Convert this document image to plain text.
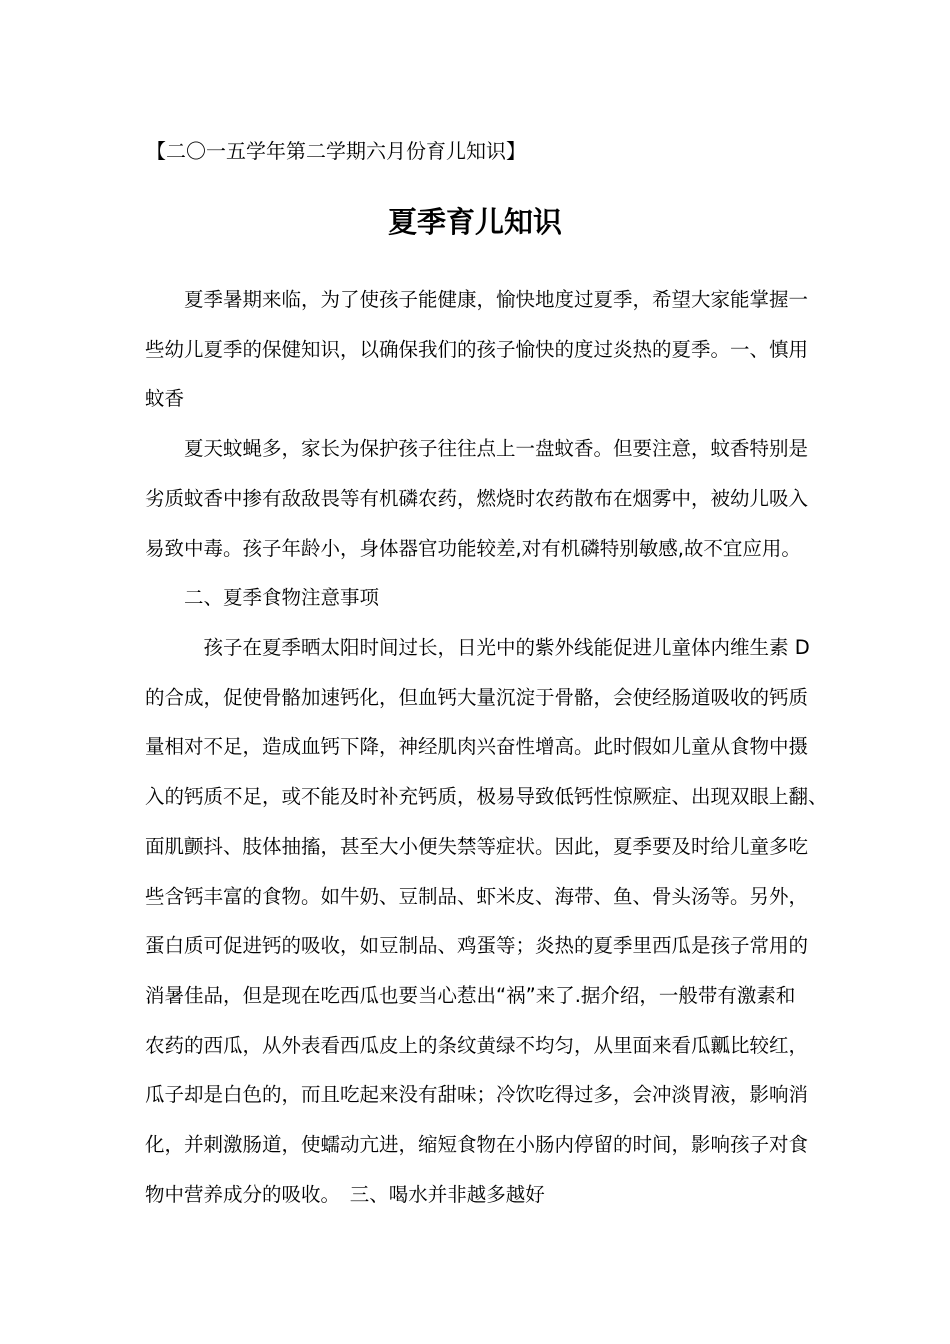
【二〇一五学年第二学期六月份育儿知识】
夏季育儿知识
　　夏季暑期来临，为了使孩子能健康，愉快地度过夏季，希望大家能掌握一
些幼儿夏季的保健知识，以确保我们的孩子愉快的度过炎热的夏季。一、慎用
蚊香
　　夏天蚊蝇多，家长为保护孩子往往点上一盘蚊香。但要注意，蚊香特别是
劣质蚊香中掺有敌敌畏等有机磷农药，燃烧时农药散布在烟雾中，被幼儿吸入
易致中毒。孩子年龄小，身体器官功能较差,对有机磷特别敏感,故不宜应用。
　　二、夏季食物注意事项
　　　孩子在夏季晒太阳时间过长，日光中的紫外线能促进儿童体内维生素 D
的合成，促使骨骼加速钙化，但血钙大量沉淀于骨骼，会使经肠道吸收的钙质
量相对不足，造成血钙下降，神经肌肉兴奋性增高。此时假如儿童从食物中摄
入的钙质不足，或不能及时补充钙质，极易导致低钙性惊厥症、出现双眼上翻、
面肌颤抖、肢体抽搐，甚至大小便失禁等症状。因此，夏季要及时给儿童多吃
些含钙丰富的食物。如牛奶、豆制品、虾米皮、海带、鱼、骨头汤等。另外，
蛋白质可促进钙的吸收，如豆制品、鸡蛋等；炎热的夏季里西瓜是孩子常用的
消暑佳品，但是现在吃西瓜也要当心惹出“祸”来了.据介绍，一般带有激素和
农药的西瓜，从外表看西瓜皮上的条纹黄绿不均匀，从里面来看瓜瓤比较红，
瓜子却是白色的，而且吃起来没有甜味；冷饮吃得过多，会冲淡胃液，影响消
化，并刺激肠道，使蠕动亢进，缩短食物在小肠内停留的时间，影响孩子对食
物中营养成分的吸收。　三、喝水并非越多越好
